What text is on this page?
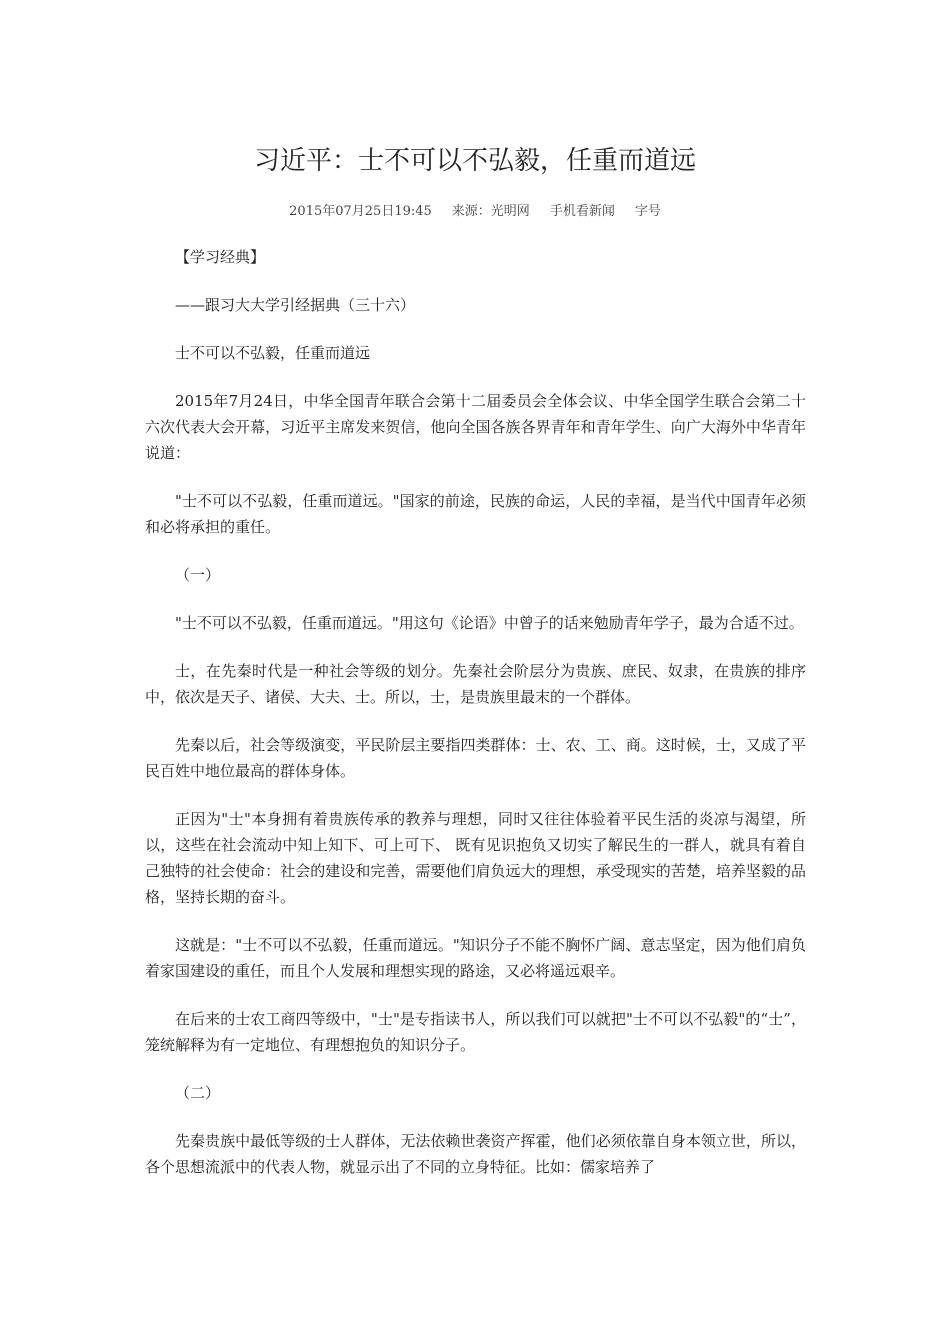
习近平：士不可以不弘毅，任重而道远
2015年07月25日19:45 来源：光明网 手机看新闻 字号

【学习经典】

——跟习大大学引经据典（三十六）

士不可以不弘毅，任重而道远

2015年7月24日，中华全国青年联合会第十二届委员会全体会议、中华全国学生联合会第二十六次代表大会开幕，习近平主席发来贺信，他向全国各族各界青年和青年学生、向广大海外中华青年说道：

"士不可以不弘毅，任重而道远。"国家的前途，民族的命运，人民的幸福，是当代中国青年必须和必将承担的重任。

（一）

"士不可以不弘毅，任重而道远。"用这句《论语》中曾子的话来勉励青年学子，最为合适不过。

士，在先秦时代是一种社会等级的划分。先秦社会阶层分为贵族、庶民、奴隶，在贵族的排序中，依次是天子、诸侯、大夫、士。所以，士，是贵族里最末的一个群体。

先秦以后，社会等级演变，平民阶层主要指四类群体：士、农、工、商。这时候，士，又成了平民百姓中地位最高的群体身体。

正因为"士"本身拥有着贵族传承的教养与理想，同时又往往体验着平民生活的炎凉与渴望，所以，这些在社会流动中知上知下、可上可下、 既有见识抱负又切实了解民生的一群人，就具有着自己独特的社会使命：社会的建设和完善，需要他们肩负远大的理想，承受现实的苦楚，培养坚毅的品格，坚持长期的奋斗。

这就是："士不可以不弘毅，任重而道远。"知识分子不能不胸怀广阔、意志坚定，因为他们肩负着家国建设的重任，而且个人发展和理想实现的路途，又必将遥远艰辛。

在后来的士农工商四等级中，"士"是专指读书人，所以我们可以就把"士不可以不弘毅"的“士”，笼统解释为有一定地位、有理想抱负的知识分子。

（二）

先秦贵族中最低等级的士人群体，无法依赖世袭资产挥霍，他们必须依靠自身本领立世，所以，各个思想流派中的代表人物，就显示出了不同的立身特征。比如：儒家培养了
